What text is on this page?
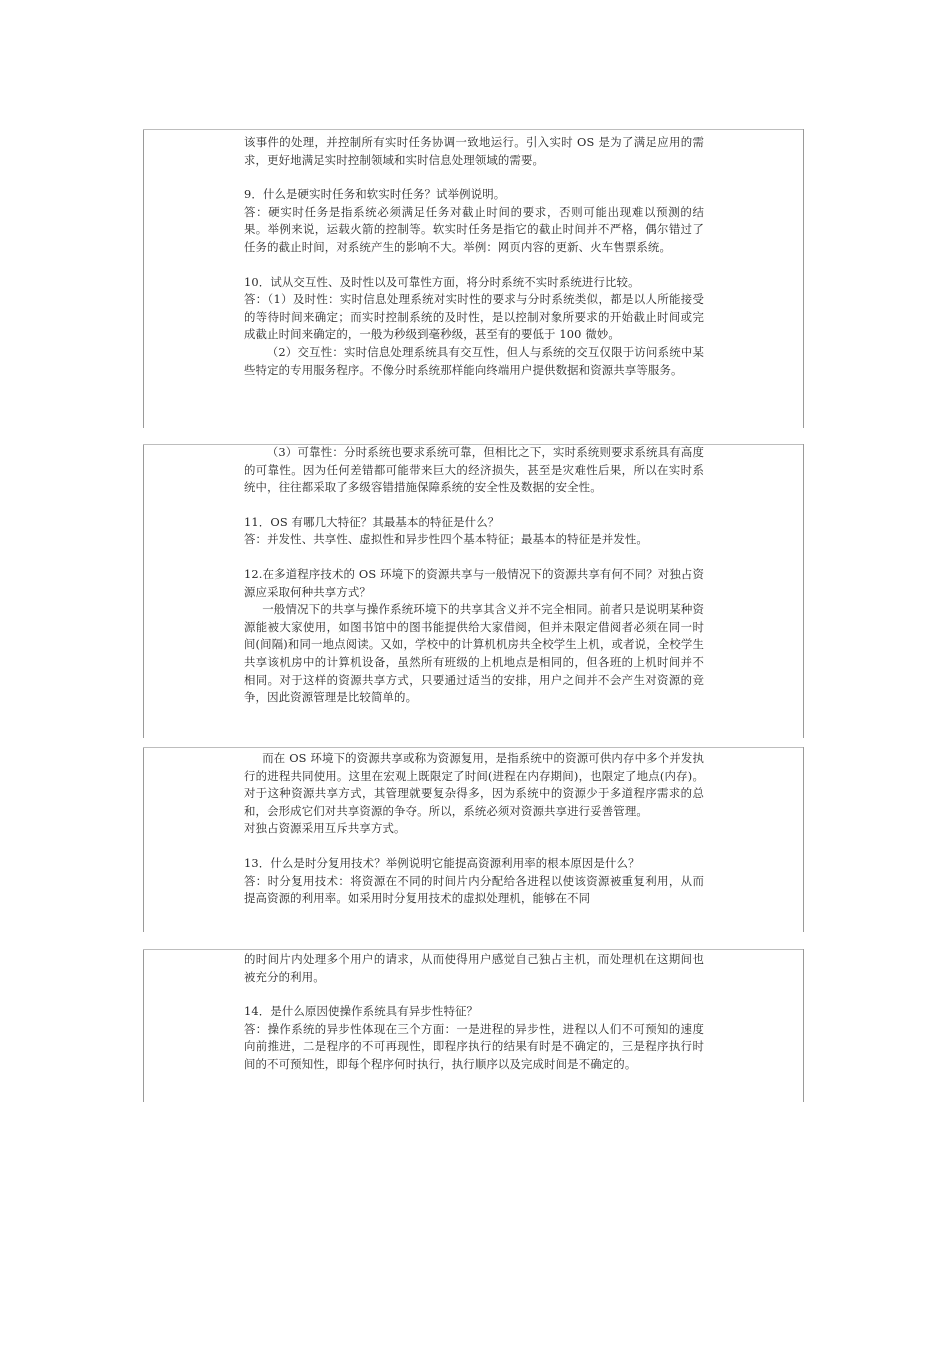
该事件的处理，并控制所有实时任务协调一致地运行。引入实时 OS 是为了满足应用的需求，更好地满足实时控制领域和实时信息处理领域的需要。

9．什么是硬实时任务和软实时任务？试举例说明。

答：硬实时任务是指系统必须满足任务对截止时间的要求，否则可能出现难以预测的结果。举例来说，运载火箭的控制等。软实时任务是指它的截止时间并不严格，偶尔错过了任务的截止时间，对系统产生的影响不大。举例：网页内容的更新、火车售票系统。

10．试从交互性、及时性以及可靠性方面，将分时系统不实时系统进行比较。

答：（1）及时性：实时信息处理系统对实时性的要求与分时系统类似，都是以人所能接受的等待时间来确定；而实时控制系统的及时性，是以控制对象所要求的开始截止时间或完成截止时间来确定的，一般为秒级到毫秒级，甚至有的要低于 100 微妙。

（2）交互性：实时信息处理系统具有交互性，但人与系统的交互仅限于访问系统中某些特定的专用服务程序。不像分时系统那样能向终端用户提供数据和资源共享等服务。

（3）可靠性：分时系统也要求系统可靠，但相比之下，实时系统则要求系统具有高度的可靠性。因为任何差错都可能带来巨大的经济损失，甚至是灾难性后果，所以在实时系统中，往往都采取了多级容错措施保障系统的安全性及数据的安全性。

11．OS 有哪几大特征？其最基本的特征是什么？

答：并发性、共享性、虚拟性和异步性四个基本特征；最基本的特征是并发性。

12.在多道程序技术的 OS 环境下的资源共享与一般情况下的资源共享有何不同？对独占资源应采取何种共享方式？

一般情况下的共享与操作系统环境下的共享其含义并不完全相同。前者只是说明某种资源能被大家使用，如图书馆中的图书能提供给大家借阅，但并未限定借阅者必须在同一时间(间隔)和同一地点阅读。又如，学校中的计算机机房共全校学生上机，或者说，全校学生共享该机房中的计算机设备，虽然所有班级的上机地点是相同的，但各班的上机时间并不相同。对于这样的资源共享方式，只要通过适当的安排，用户之间并不会产生对资源的竞争，因此资源管理是比较简单的。

而在 OS 环境下的资源共享或称为资源复用，是指系统中的资源可供内存中多个并发执行的进程共同使用。这里在宏观上既限定了时间(进程在内存期间)，也限定了地点(内存)。对于这种资源共享方式，其管理就要复杂得多，因为系统中的资源少于多道程序需求的总和，会形成它们对共享资源的争夺。所以，系统必须对资源共享进行妥善管理。

对独占资源采用互斥共享方式。

13．什么是时分复用技术？举例说明它能提高资源利用率的根本原因是什么？

答：时分复用技术：将资源在不同的时间片内分配给各进程以使该资源被重复利用，从而提高资源的利用率。如采用时分复用技术的虚拟处理机，能够在不同

的时间片内处理多个用户的请求，从而使得用户感觉自己独占主机，而处理机在这期间也被充分的利用。

14．是什么原因使操作系统具有异步性特征？

答：操作系统的异步性体现在三个方面：一是进程的异步性，进程以人们不可预知的速度向前推进，二是程序的不可再现性，即程序执行的结果有时是不确定的，三是程序执行时间的不可预知性，即每个程序何时执行，执行顺序以及完成时间是不确定的。
